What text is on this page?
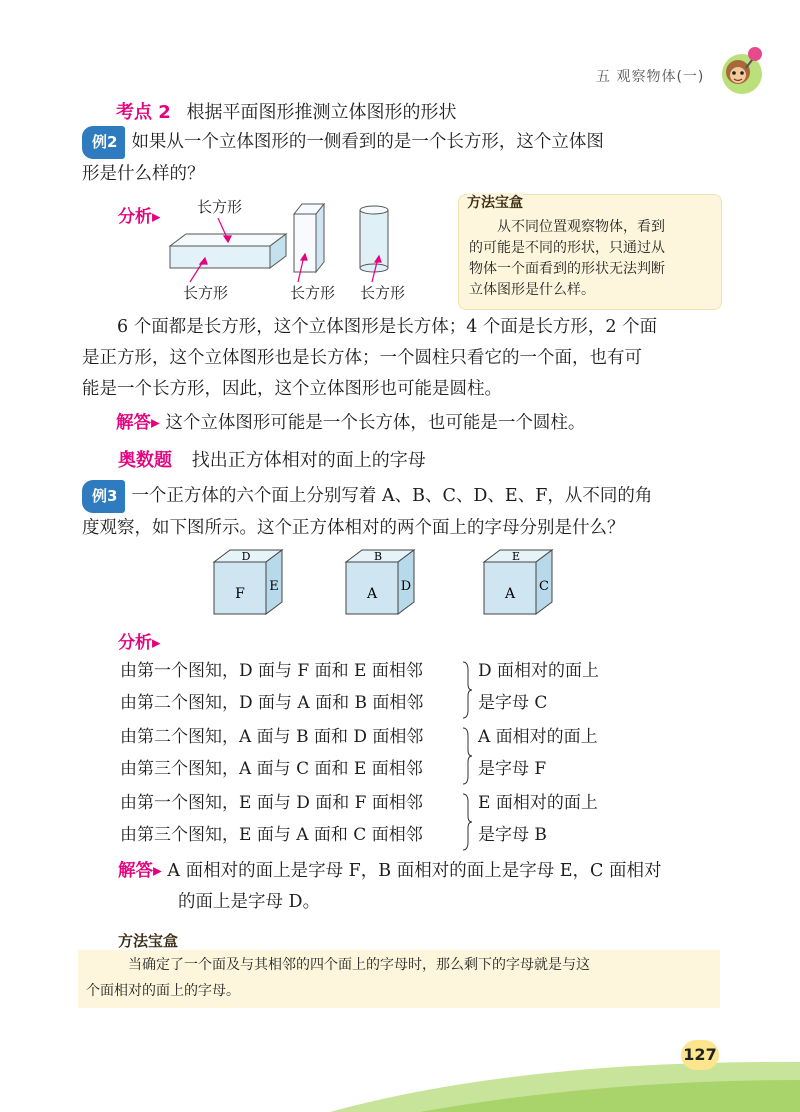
五 观察物体(一)
考点 2 根据平面图形推测立体图形的形状
例2 如果从一个立体图形的一侧看到的是一个长方形，这个立体图
形是什么样的？
分析▸ 长方形
长方形	长方形 长方形
方法宝盒
从不同位置观察物体，看到
的可能是不同的形状，只通过从
物体一个面看到的形状无法判断
立体图形是什么样。
6 个面都是长方形，这个立体图形是长方体；4 个面是长方形，2 个面
是正方形，这个立体图形也是长方体；一个圆柱只看它的一个面，也有可
能是一个长方形，因此，这个立体图形也可能是圆柱。
解答▸ 这个立体图形可能是一个长方体，也可能是一个圆柱。
奥数题 找出正方体相对的面上的字母
例3 一个正方体的六个面上分别写着 A、B、C、D、E、F，从不同的角
度观察，如下图所示。这个正方体相对的两个面上的字母分别是什么？
D
F E
B
A D
E
A C
分析▸
由第一个图知，D 面与 F 面和 E 面相邻
由第二个图知，D 面与 A 面和 B 面相邻
D 面相对的面上
是字母 C
由第二个图知，A 面与 B 面和 D 面相邻
由第三个图知，A 面与 C 面和 E 面相邻
A 面相对的面上
是字母 F
由第一个图知，E 面与 D 面和 F 面相邻
由第三个图知，E 面与 A 面和 C 面相邻
E 面相对的面上
是字母 B
解答▸ A 面相对的面上是字母 F，B 面相对的面上是字母 E，C 面相对
的面上是字母 D。
方法宝盒
当确定了一个面及与其相邻的四个面上的字母时，那么剩下的字母就是与这
个面相对的面上的字母。
127
